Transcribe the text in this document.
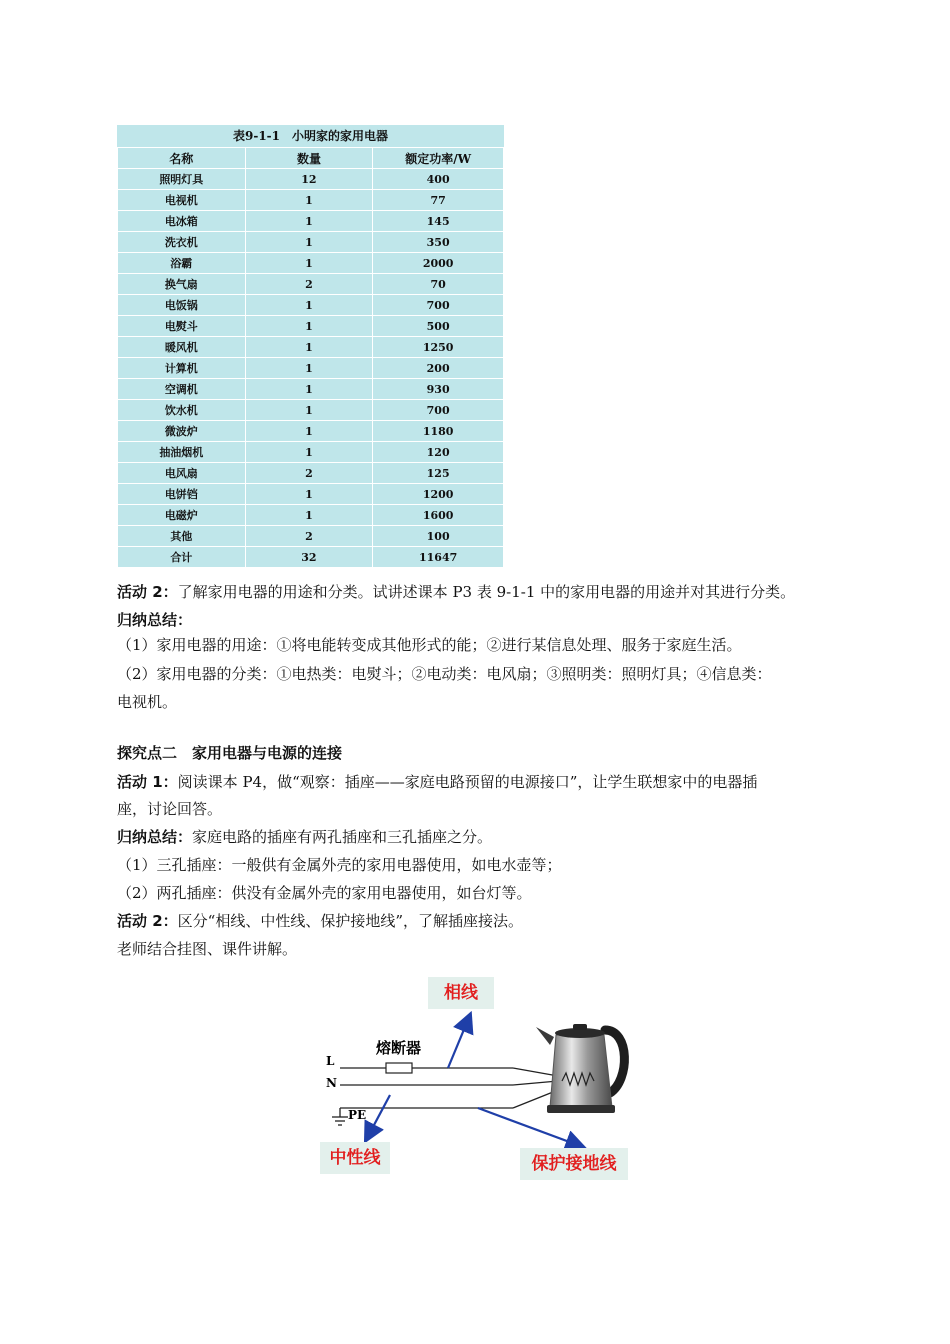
表9-1-1　小明家的家用电器
名称	数量	额定功率/W
照明灯具	12	400
电视机	1	77
电冰箱	1	145
洗衣机	1	350
浴霸	1	2000
换气扇	2	70
电饭锅	1	700
电熨斗	1	500
暖风机	1	1250
计算机	1	200
空调机	1	930
饮水机	1	700
微波炉	1	1180
抽油烟机	1	120
电风扇	2	125
电饼铛	1	1200
电磁炉	1	1600
其他	2	100
合计	32	11647
活动 2：了解家用电器的用途和分类。试讲述课本 P3 表 9-1-1 中的家用电器的用途并对其进行分类。
归纳总结：
（1）家用电器的用途：①将电能转变成其他形式的能；②进行某信息处理、服务于家庭生活。
（2）家用电器的分类：①电热类：电熨斗；②电动类：电风扇；③照明类：照明灯具；④信息类：
电视机。
探究点二　家用电器与电源的连接
活动 1：阅读课本 P4，做“观察：插座——家庭电路预留的电源接口”，让学生联想家中的电器插
座，讨论回答。
归纳总结：家庭电路的插座有两孔插座和三孔插座之分。
（1）三孔插座：一般供有金属外壳的家用电器使用，如电水壶等；
（2）两孔插座：供没有金属外壳的家用电器使用，如台灯等。
活动 2：区分“相线、中性线、保护接地线”，了解插座接法。
老师结合挂图、课件讲解。
L
N
PE
熔断器
相线
中性线	保护接地线
